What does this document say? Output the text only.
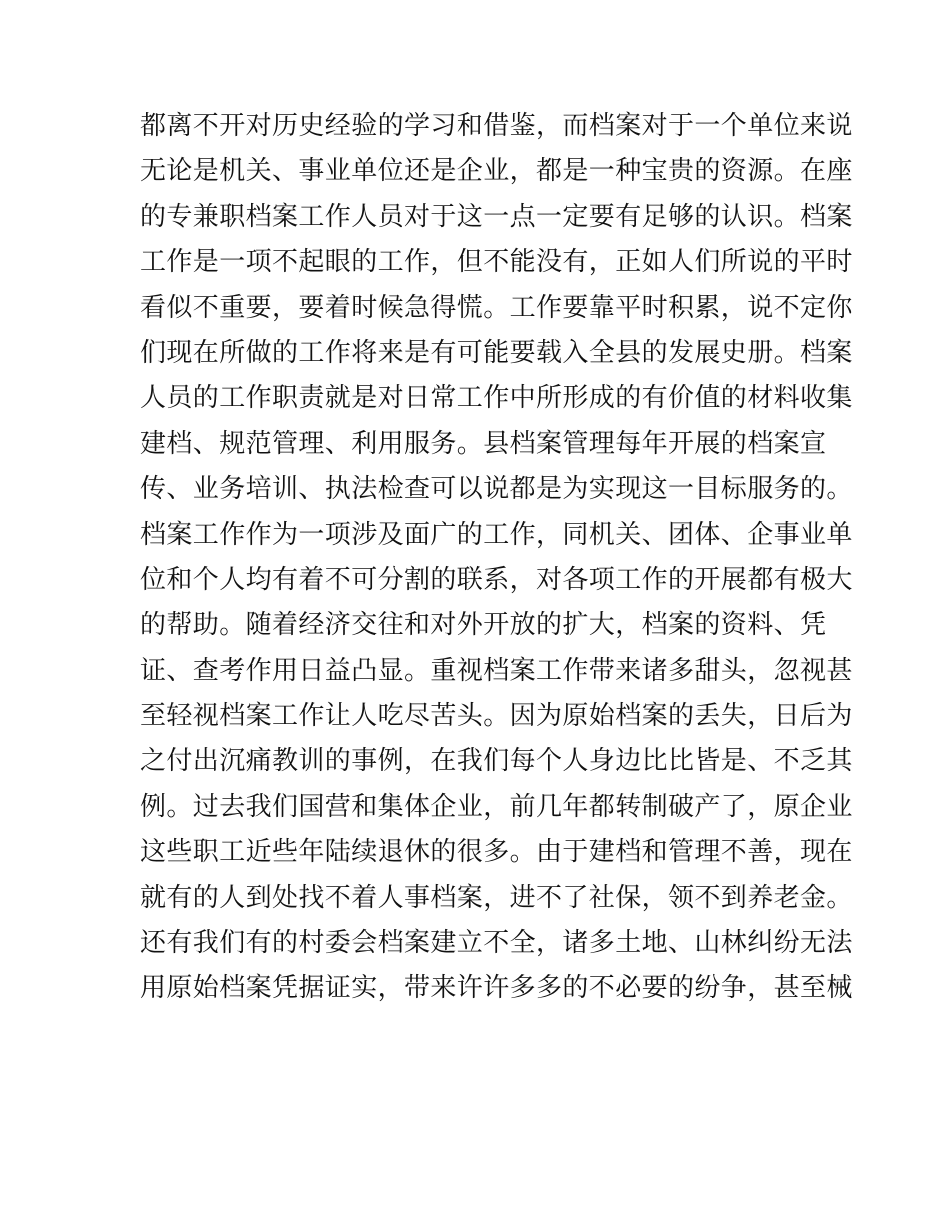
都离不开对历史经验的学习和借鉴，而档案对于一个单位来说
无论是机关、事业单位还是企业，都是一种宝贵的资源。在座
的专兼职档案工作人员对于这一点一定要有足够的认识。档案
工作是一项不起眼的工作，但不能没有，正如人们所说的平时
看似不重要，要着时候急得慌。工作要靠平时积累，说不定你
们现在所做的工作将来是有可能要载入全县的发展史册。档案
人员的工作职责就是对日常工作中所形成的有价值的材料收集
建档、规范管理、利用服务。县档案管理每年开展的档案宣
传、业务培训、执法检查可以说都是为实现这一目标服务的。
档案工作作为一项涉及面广的工作，同机关、团体、企事业单
位和个人均有着不可分割的联系，对各项工作的开展都有极大
的帮助。随着经济交往和对外开放的扩大，档案的资料、凭
证、查考作用日益凸显。重视档案工作带来诸多甜头，忽视甚
至轻视档案工作让人吃尽苦头。因为原始档案的丢失，日后为
之付出沉痛教训的事例，在我们每个人身边比比皆是、不乏其
例。过去我们国营和集体企业，前几年都转制破产了，原企业
这些职工近些年陆续退休的很多。由于建档和管理不善，现在
就有的人到处找不着人事档案，进不了社保，领不到养老金。
还有我们有的村委会档案建立不全，诸多土地、山林纠纷无法
用原始档案凭据证实，带来许许多多的不必要的纷争，甚至械
